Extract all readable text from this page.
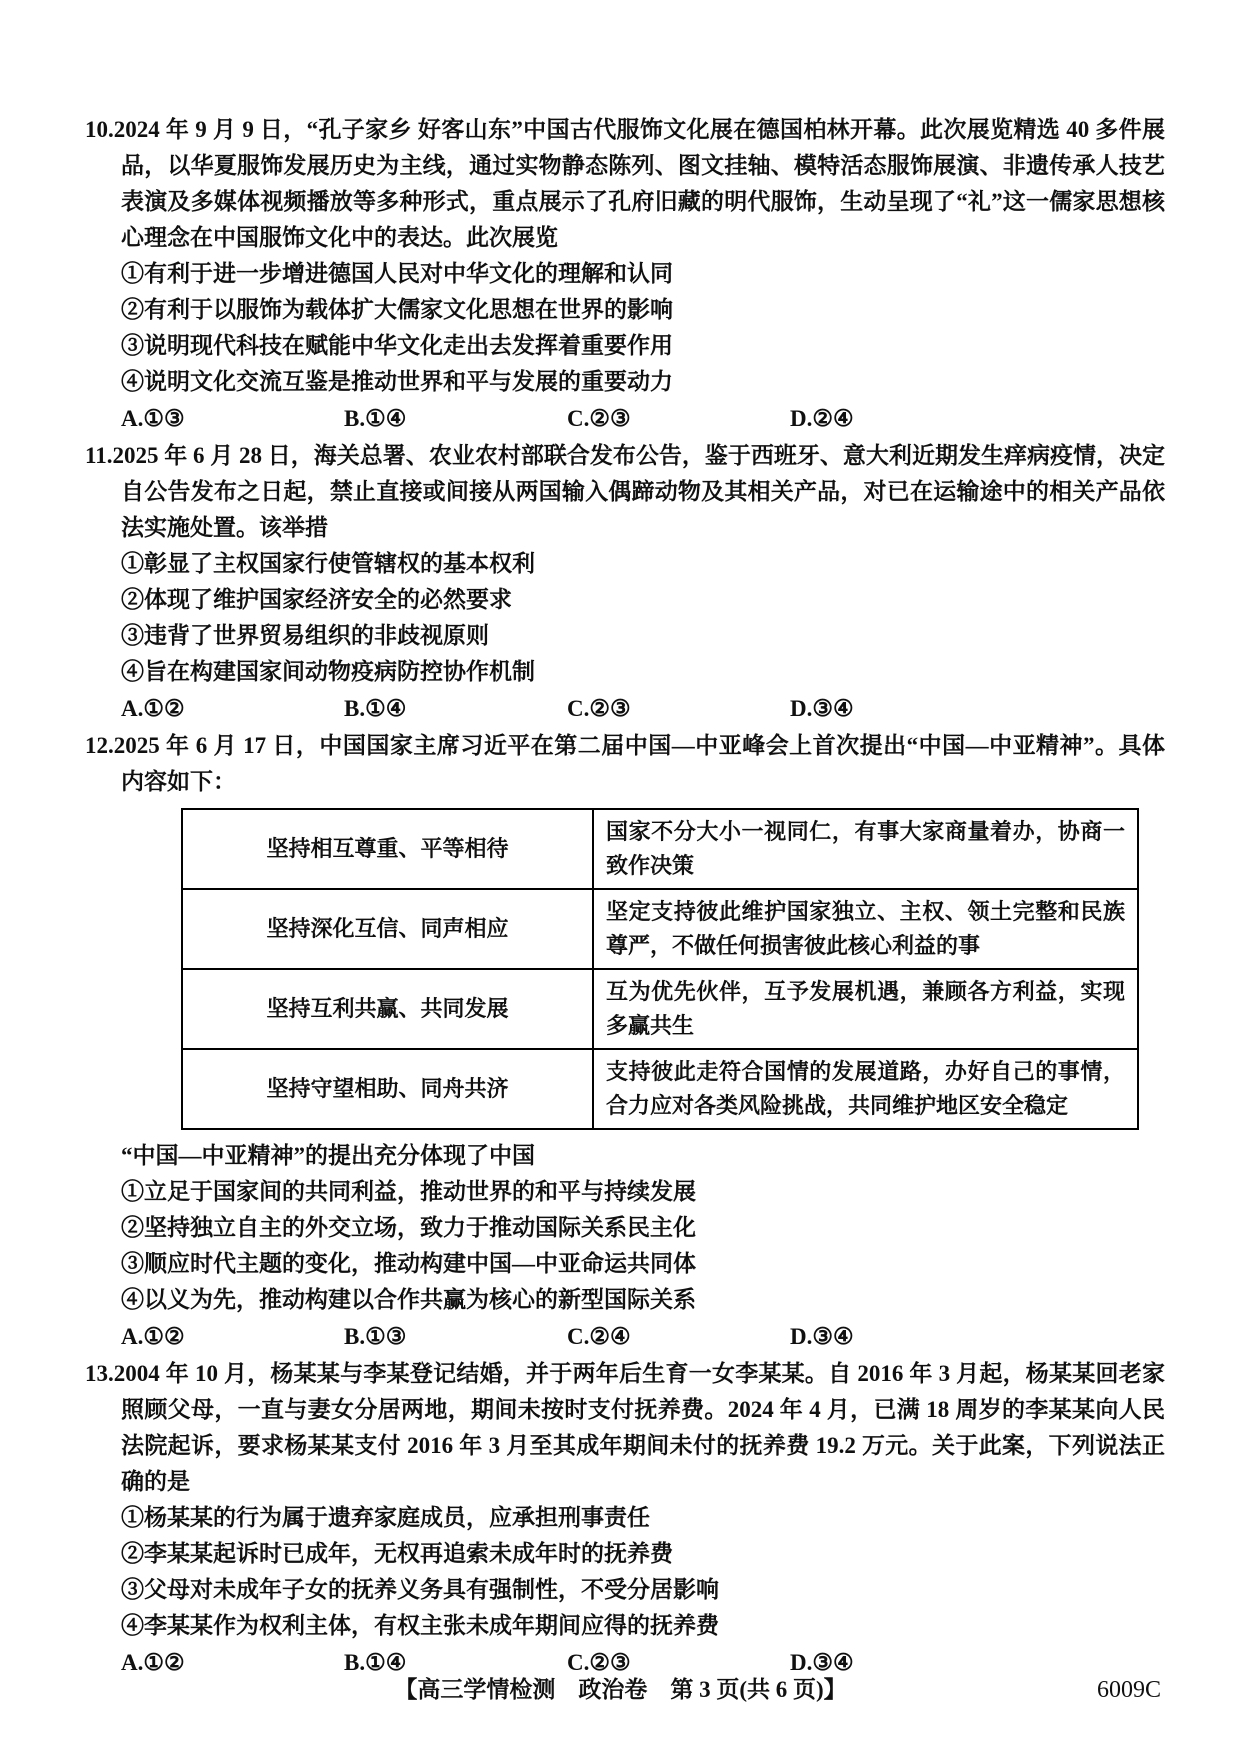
10.2024 年 9 月 9 日，“孔子家乡 好客山东”中国古代服饰文化展在德国柏林开幕。此次展览精选 40 多件展品，以华夏服饰发展历史为主线，通过实物静态陈列、图文挂轴、模特活态服饰展演、非遗传承人技艺表演及多媒体视频播放等多种形式，重点展示了孔府旧藏的明代服饰，生动呈现了“礼”这一儒家思想核心理念在中国服饰文化中的表达。此次展览
①有利于进一步增进德国人民对中华文化的理解和认同
②有利于以服饰为载体扩大儒家文化思想在世界的影响
③说明现代科技在赋能中华文化走出去发挥着重要作用
④说明文化交流互鉴是推动世界和平与发展的重要动力
A.①③	B.①④	C.②③	D.②④
11.2025 年 6 月 28 日，海关总署、农业农村部联合发布公告，鉴于西班牙、意大利近期发生痒病疫情，决定自公告发布之日起，禁止直接或间接从两国输入偶蹄动物及其相关产品，对已在运输途中的相关产品依法实施处置。该举措
①彰显了主权国家行使管辖权的基本权利
②体现了维护国家经济安全的必然要求
③违背了世界贸易组织的非歧视原则
④旨在构建国家间动物疫病防控协作机制
A.①②	B.①④	C.②③	D.③④
12.2025 年 6 月 17 日，中国国家主席习近平在第二届中国—中亚峰会上首次提出“中国—中亚精神”。具体内容如下：
坚持相互尊重、平等相待	国家不分大小一视同仁，有事大家商量着办，协商一致作决策
坚持深化互信、同声相应	坚定支持彼此维护国家独立、主权、领土完整和民族尊严，不做任何损害彼此核心利益的事
坚持互利共赢、共同发展	互为优先伙伴，互予发展机遇，兼顾各方利益，实现多赢共生
坚持守望相助、同舟共济	支持彼此走符合国情的发展道路，办好自己的事情，合力应对各类风险挑战，共同维护地区安全稳定
“中国—中亚精神”的提出充分体现了中国
①立足于国家间的共同利益，推动世界的和平与持续发展
②坚持独立自主的外交立场，致力于推动国际关系民主化
③顺应时代主题的变化，推动构建中国—中亚命运共同体
④以义为先，推动构建以合作共赢为核心的新型国际关系
A.①②	B.①③	C.②④	D.③④
13.2004 年 10 月，杨某某与李某登记结婚，并于两年后生育一女李某某。自 2016 年 3 月起，杨某某回老家照顾父母，一直与妻女分居两地，期间未按时支付抚养费。2024 年 4 月，已满 18 周岁的李某某向人民法院起诉，要求杨某某支付 2016 年 3 月至其成年期间未付的抚养费 19.2 万元。关于此案，下列说法正确的是
①杨某某的行为属于遗弃家庭成员，应承担刑事责任
②李某某起诉时已成年，无权再追索未成年时的抚养费
③父母对未成年子女的抚养义务具有强制性，不受分居影响
④李某某作为权利主体，有权主张未成年期间应得的抚养费
A.①②	B.①④	C.②③	D.③④
【高三学情检测　政治卷　第 3 页(共 6 页)】	6009C
